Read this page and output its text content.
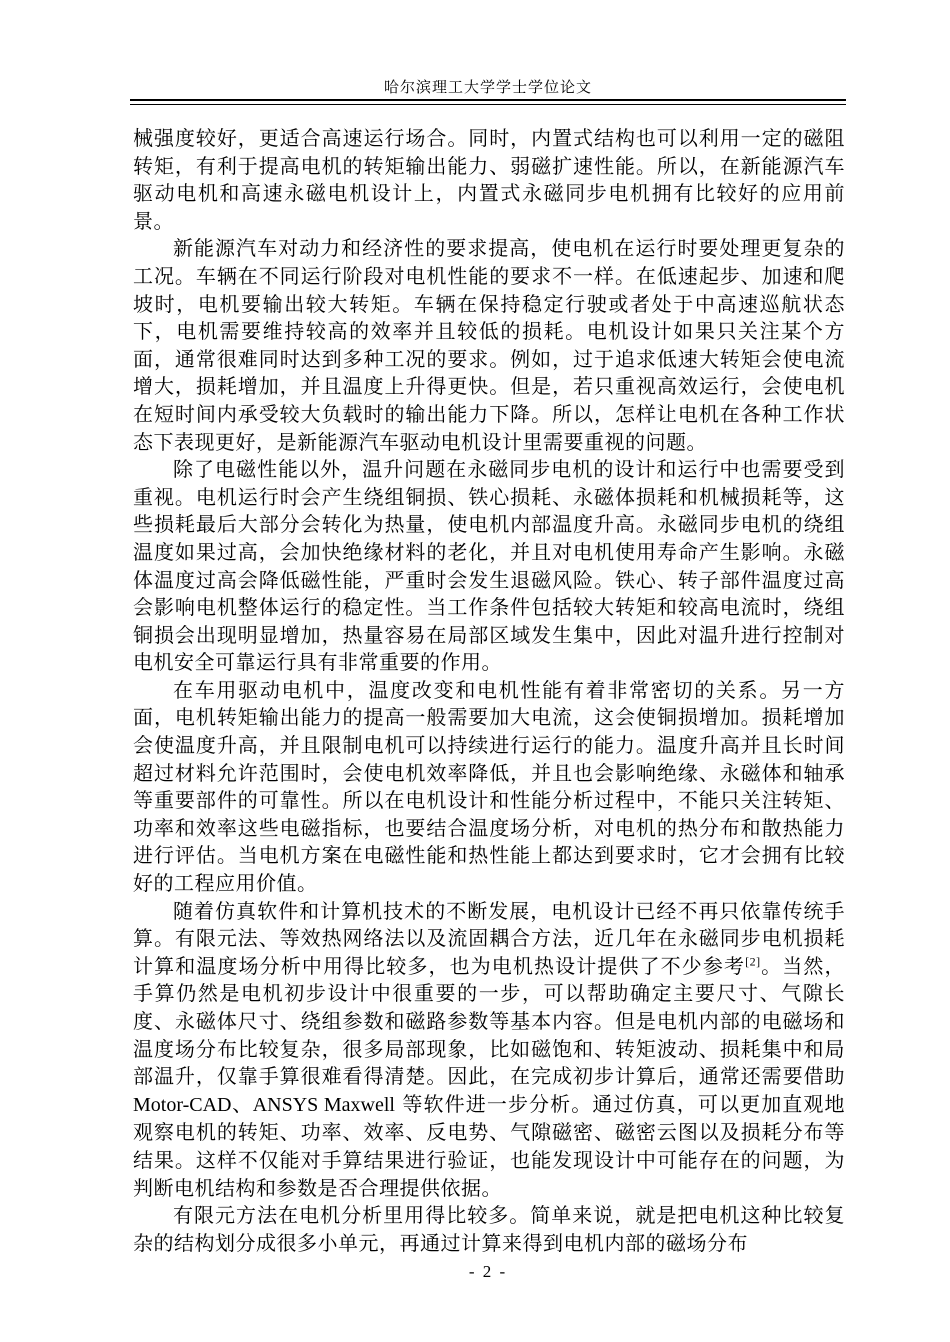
哈尔滨理工大学学士学位论文

械强度较好，更适合高速运行场合。同时，内置式结构也可以利用一定的磁阻转矩，有利于提高电机的转矩输出能力、弱磁扩速性能。所以，在新能源汽车驱动电机和高速永磁电机设计上，内置式永磁同步电机拥有比较好的应用前景。

新能源汽车对动力和经济性的要求提高，使电机在运行时要处理更复杂的工况。车辆在不同运行阶段对电机性能的要求不一样。在低速起步、加速和爬坡时，电机要输出较大转矩。车辆在保持稳定行驶或者处于中高速巡航状态下，电机需要维持较高的效率并且较低的损耗。电机设计如果只关注某个方面，通常很难同时达到多种工况的要求。例如，过于追求低速大转矩会使电流增大，损耗增加，并且温度上升得更快。但是，若只重视高效运行，会使电机在短时间内承受较大负载时的输出能力下降。所以，怎样让电机在各种工作状态下表现更好，是新能源汽车驱动电机设计里需要重视的问题。

除了电磁性能以外，温升问题在永磁同步电机的设计和运行中也需要受到重视。电机运行时会产生绕组铜损、铁心损耗、永磁体损耗和机械损耗等，这些损耗最后大部分会转化为热量，使电机内部温度升高。永磁同步电机的绕组温度如果过高，会加快绝缘材料的老化，并且对电机使用寿命产生影响。永磁体温度过高会降低磁性能，严重时会发生退磁风险。铁心、转子部件温度过高会影响电机整体运行的稳定性。当工作条件包括较大转矩和较高电流时，绕组铜损会出现明显增加，热量容易在局部区域发生集中，因此对温升进行控制对电机安全可靠运行具有非常重要的作用。

在车用驱动电机中，温度改变和电机性能有着非常密切的关系。另一方面，电机转矩输出能力的提高一般需要加大电流，这会使铜损增加。损耗增加会使温度升高，并且限制电机可以持续进行运行的能力。温度升高并且长时间超过材料允许范围时，会使电机效率降低，并且也会影响绝缘、永磁体和轴承等重要部件的可靠性。所以在电机设计和性能分析过程中，不能只关注转矩、功率和效率这些电磁指标，也要结合温度场分析，对电机的热分布和散热能力进行评估。当电机方案在电磁性能和热性能上都达到要求时，它才会拥有比较好的工程应用价值。

随着仿真软件和计算机技术的不断发展，电机设计已经不再只依靠传统手算。有限元法、等效热网络法以及流固耦合方法，近几年在永磁同步电机损耗计算和温度场分析中用得比较多，也为电机热设计提供了不少参考[2]。当然，手算仍然是电机初步设计中很重要的一步，可以帮助确定主要尺寸、气隙长度、永磁体尺寸、绕组参数和磁路参数等基本内容。但是电机内部的电磁场和温度场分布比较复杂，很多局部现象，比如磁饱和、转矩波动、损耗集中和局部温升，仅靠手算很难看得清楚。因此，在完成初步计算后，通常还需要借助 Motor-CAD、ANSYS Maxwell 等软件进一步分析。通过仿真，可以更加直观地观察电机的转矩、功率、效率、反电势、气隙磁密、磁密云图以及损耗分布等结果。这样不仅能对手算结果进行验证，也能发现设计中可能存在的问题，为判断电机结构和参数是否合理提供依据。

有限元方法在电机分析里用得比较多。简单来说，就是把电机这种比较复杂的结构划分成很多小单元，再通过计算来得到电机内部的磁场分布

- 2 -
